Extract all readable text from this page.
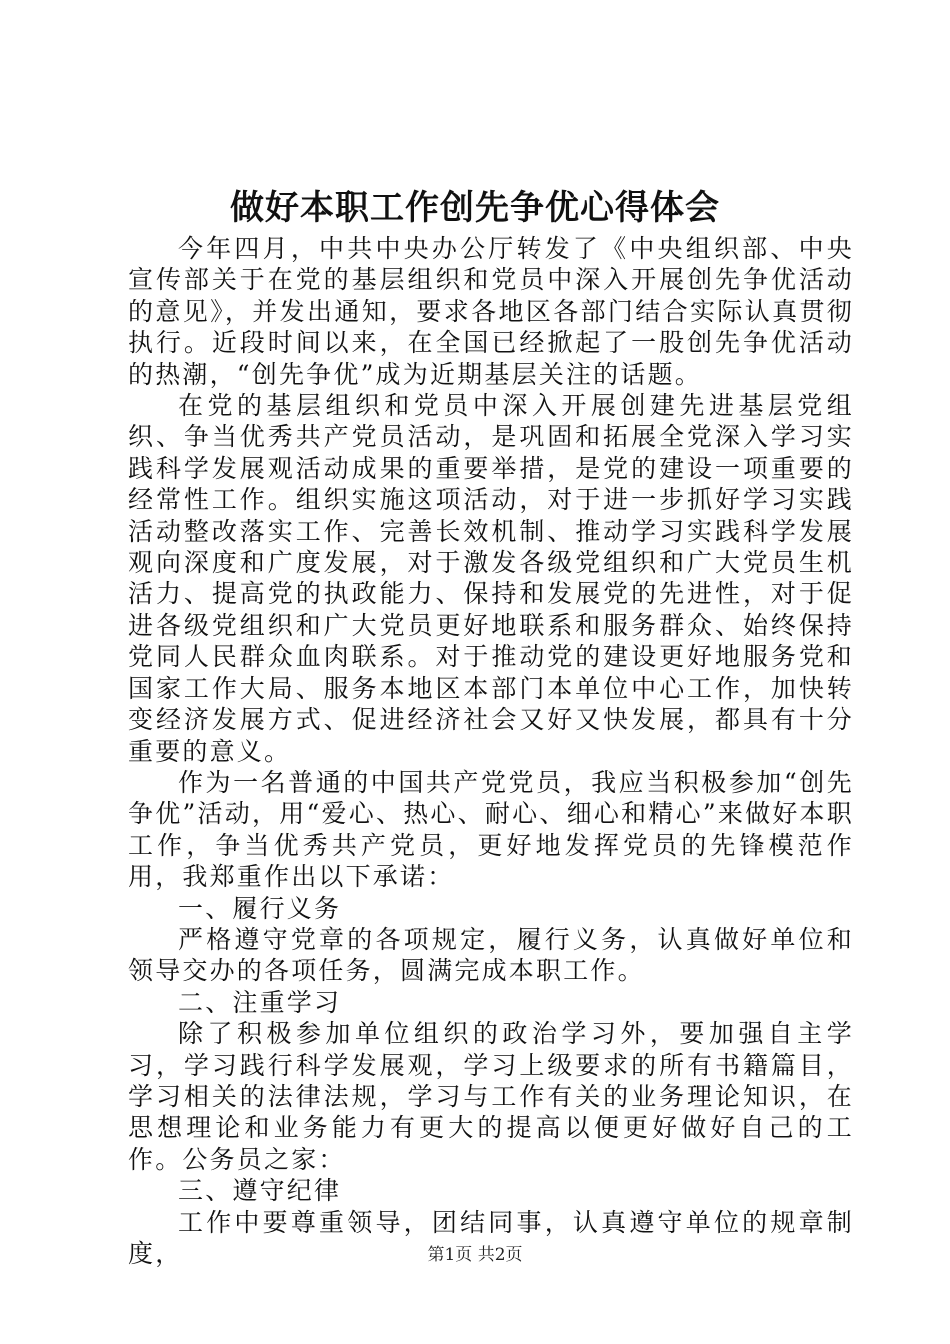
做好本职工作创先争优心得体会

今年四月，中共中央办公厅转发了《中央组织部、中央宣传部关于在党的基层组织和党员中深入开展创先争优活动的意见》，并发出通知，要求各地区各部门结合实际认真贯彻执行。近段时间以来，在全国已经掀起了一股创先争优活动的热潮，“创先争优”成为近期基层关注的话题。

在党的基层组织和党员中深入开展创建先进基层党组织、争当优秀共产党员活动，是巩固和拓展全党深入学习实践科学发展观活动成果的重要举措，是党的建设一项重要的经常性工作。组织实施这项活动，对于进一步抓好学习实践活动整改落实工作、完善长效机制、推动学习实践科学发展观向深度和广度发展，对于激发各级党组织和广大党员生机活力、提高党的执政能力、保持和发展党的先进性，对于促进各级党组织和广大党员更好地联系和服务群众、始终保持党同人民群众血肉联系。对于推动党的建设更好地服务党和国家工作大局、服务本地区本部门本单位中心工作，加快转变经济发展方式、促进经济社会又好又快发展，都具有十分重要的意义。

作为一名普通的中国共产党党员，我应当积极参加“创先争优”活动，用“爱心、热心、耐心、细心和精心”来做好本职工作，争当优秀共产党员，更好地发挥党员的先锋模范作用，我郑重作出以下承诺：

一、履行义务

严格遵守党章的各项规定，履行义务，认真做好单位和领导交办的各项任务，圆满完成本职工作。

二、注重学习

除了积极参加单位组织的政治学习外，要加强自主学习，学习践行科学发展观，学习上级要求的所有书籍篇目，学习相关的法律法规，学习与工作有关的业务理论知识，在思想理论和业务能力有更大的提高以便更好做好自己的工作。公务员之家：

三、遵守纪律

工作中要尊重领导，团结同事，认真遵守单位的规章制度，	第1页 共2页
